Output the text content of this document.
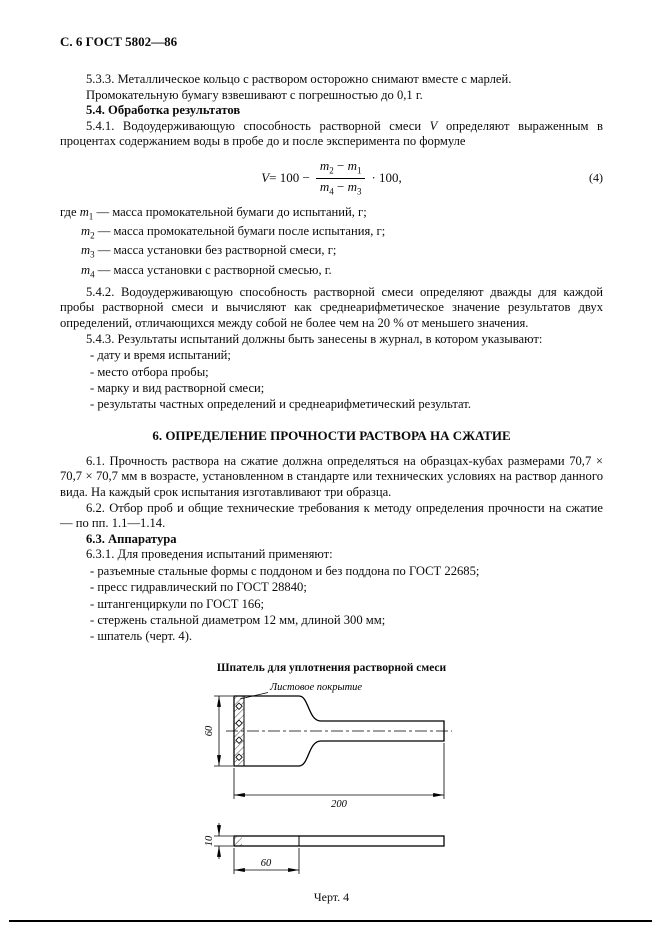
С. 6 ГОСТ 5802—86

5.3.3. Металлическое кольцо с раствором осторожно снимают вместе с марлей.

Промокательную бумагу взвешивают с погрешностью до 0,1 г.

5.4. Обработка результатов

5.4.1. Водоудерживающую способность растворной смеси V определяют выраженным в процентах содержанием воды в пробе до и после эксперимента по формуле

$V = 100 - \frac{m_2 - m_1}{m_4 - m_3} \cdot 100$,	(4)
где $m_1$ — масса промокательной бумаги до испытаний, г;
$m_2$ — масса промокательной бумаги после испытания, г;
$m_3$ — масса установки без растворной смеси, г;
$m_4$ — масса установки с растворной смесью, г.

5.4.2. Водоудерживающую способность растворной смеси определяют дважды для каждой пробы растворной смеси и вычисляют как среднеарифметическое значение результатов двух определений, отличающихся между собой не более чем на 20 % от меньшего значения.

5.4.3. Результаты испытаний должны быть занесены в журнал, в котором указывают:

- дату и время испытаний;
- место отбора пробы;
- марку и вид растворной смеси;
- результаты частных определений и среднеарифметический результат.
6. ОПРЕДЕЛЕНИЕ ПРОЧНОСТИ РАСТВОРА НА СЖАТИЕ

6.1. Прочность раствора на сжатие должна определяться на образцах-кубах размерами 70,7 × 70,7 × 70,7 мм в возрасте, установленном в стандарте или технических условиях на раствор данного вида. На каждый срок испытания изготавливают три образца.

6.2. Отбор проб и общие технические требования к методу определения прочности на сжатие — по пп. 1.1—1.14.

6.3. Аппаратура

6.3.1. Для проведения испытаний применяют:

- разъемные стальные формы с поддоном и без поддона по ГОСТ 22685;
- пресс гидравлический по ГОСТ 28840;
- штангенциркули по ГОСТ 166;
- стержень стальной диаметром 12 мм, длиной 300 мм;
- шпатель (черт. 4).
Шпатель для уплотнения растворной смеси
Листовое покрытие
60
200
10
60
Черт. 4
